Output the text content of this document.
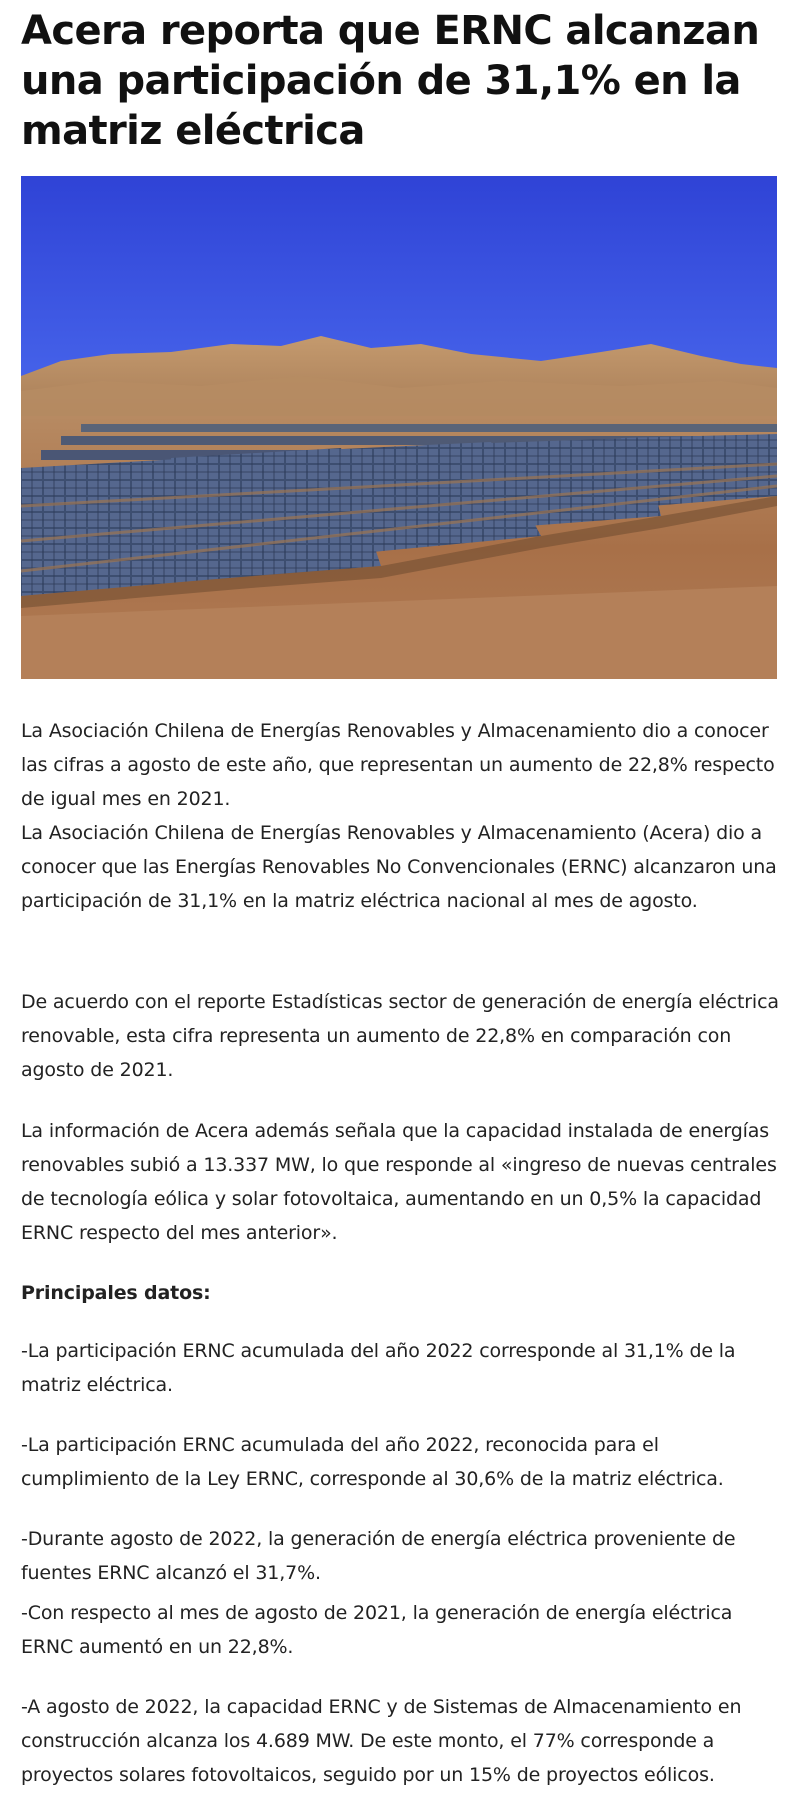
Acera reporta que ERNC alcanzan una participación de 31,1% en la matriz eléctrica

La Asociación Chilena de Energías Renovables y Almacenamiento dio a conocer las cifras a agosto de este año, que representan un aumento de 22,8% respecto de igual mes en 2021.

La Asociación Chilena de Energías Renovables y Almacenamiento (Acera) dio a conocer que las Energías Renovables No Convencionales (ERNC) alcanzaron una participación de 31,1% en la matriz eléctrica nacional al mes de agosto.

De acuerdo con el reporte Estadísticas sector de generación de energía eléctrica renovable, esta cifra representa un aumento de 22,8% en comparación con agosto de 2021.

La información de Acera además señala que la capacidad instalada de energías renovables subió a 13.337 MW, lo que responde al «ingreso de nuevas centrales de tecnología eólica y solar fotovoltaica, aumentando en un 0,5% la capacidad ERNC respecto del mes anterior».

Principales datos:

-La participación ERNC acumulada del año 2022 corresponde al 31,1% de la matriz eléctrica.

-La participación ERNC acumulada del año 2022, reconocida para el cumplimiento de la Ley ERNC, corresponde al 30,6% de la matriz eléctrica.

-Durante agosto de 2022, la generación de energía eléctrica proveniente de fuentes ERNC alcanzó el 31,7%.

-Con respecto al mes de agosto de 2021, la generación de energía eléctrica ERNC aumentó en un 22,8%.

-A agosto de 2022, la capacidad ERNC y de Sistemas de Almacenamiento en construcción alcanza los 4.689 MW. De este monto, el 77% corresponde a proyectos solares fotovoltaicos, seguido por un 15% de proyectos eólicos.
